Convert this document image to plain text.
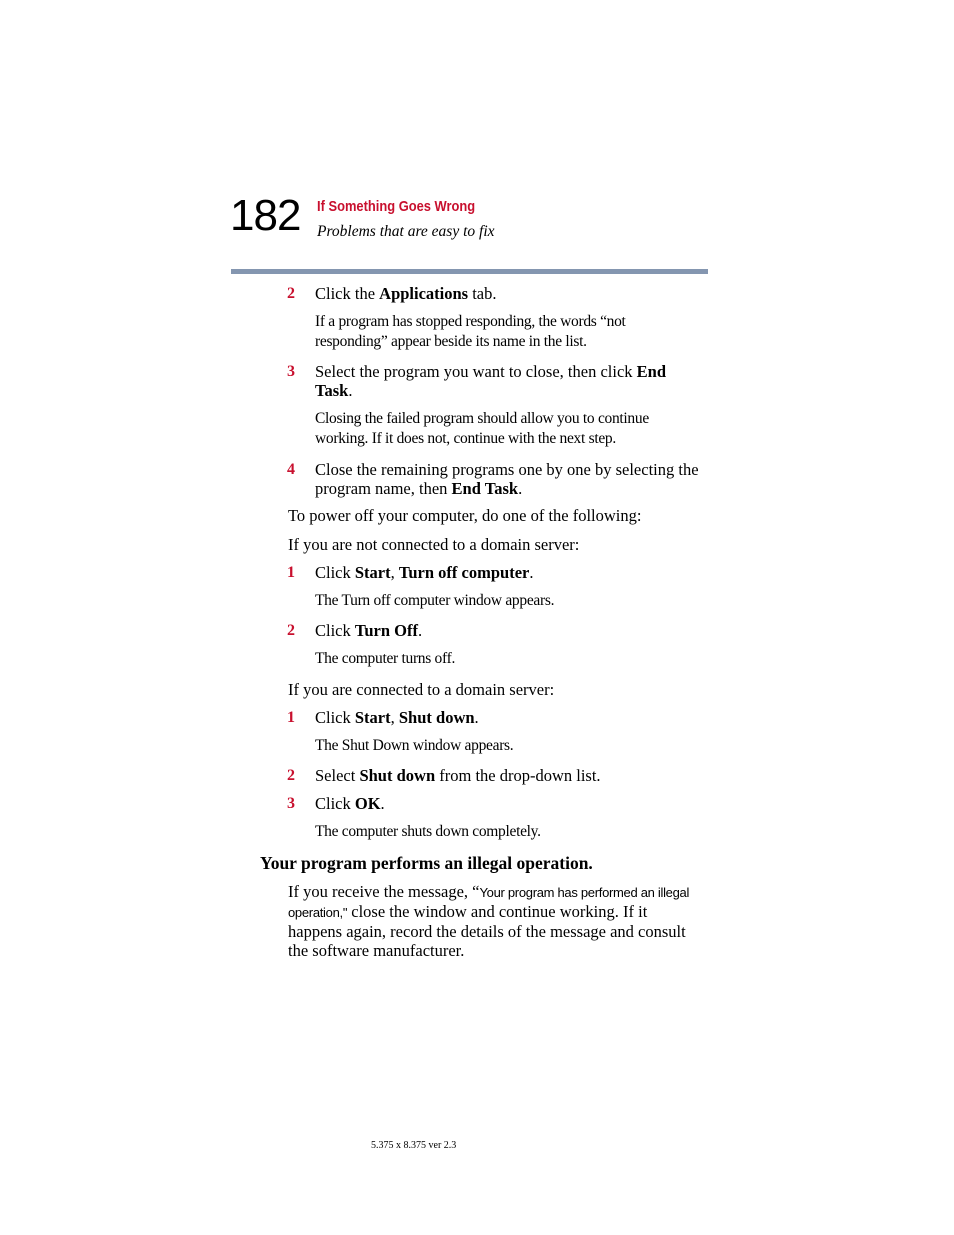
182 If Something Goes Wrong
Problems that are easy to fix
2 Click the Applications tab.
If a program has stopped responding, the words “not responding” appear beside its name in the list.
3 Select the program you want to close, then click End Task.
Closing the failed program should allow you to continue working. If it does not, continue with the next step.
4 Close the remaining programs one by one by selecting the program name, then End Task.
To power off your computer, do one of the following:
If you are not connected to a domain server:
1 Click Start, Turn off computer.
The Turn off computer window appears.
2 Click Turn Off.
The computer turns off.
If you are connected to a domain server:
1 Click Start, Shut down.
The Shut Down window appears.
2 Select Shut down from the drop-down list.
3 Click OK.
The computer shuts down completely.
Your program performs an illegal operation.
If you receive the message, “Your program has performed an illegal operation," close the window and continue working. If it happens again, record the details of the message and consult the software manufacturer.
5.375 x 8.375 ver 2.3
